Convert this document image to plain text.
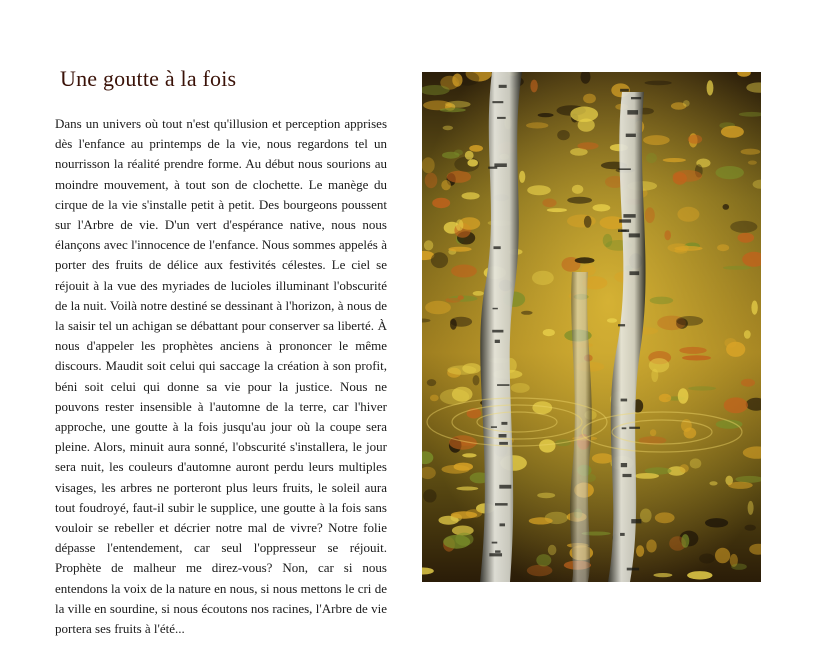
Une goutte à la fois
Dans un univers où tout n'est qu'illusion et perception apprises dès l'enfance au printemps de la vie, nous regardons tel un nourrisson la réalité prendre forme. Au début nous sourions au moindre mouvement, à tout son de clochette. Le manège du cirque de la vie s'installe petit à petit. Des bourgeons poussent sur l'Arbre de vie. D'un vert d'espérance native, nous nous élançons avec l'innocence de l'enfance. Nous sommes appelés à porter des fruits de délice aux festivités célestes. Le ciel se réjouit à la vue des myriades de lucioles illuminant l'obscurité de la nuit. Voilà notre destiné se dessinant à l'horizon, à nous de la saisir tel un achigan se débattant pour conserver sa liberté. À nous d'appeler les prophètes anciens à prononcer le même discours. Maudit soit celui qui saccage la création à son profit, béni soit celui qui donne sa vie pour la justice. Nous ne pouvons rester insensible à l'automne de la terre, car l'hiver approche, une goutte à la fois jusqu'au jour où la coupe sera pleine. Alors, minuit aura sonné, l'obscurité s'installera, le jour sera nuit, les couleurs d'automne auront perdu leurs multiples visages, les arbres ne porteront plus leurs fruits, le soleil aura tout foudroyé, faut-il subir le supplice, une goutte à la fois sans vouloir se rebeller et décrier notre mal de vivre? Notre folie dépasse l'entendement, car seul l'oppresseur se réjouit. Prophète de malheur me direz-vous? Non, car si nous entendons la voix de la nature en nous, si nous mettons le cri de la ville en sourdine, si nous écoutons nos racines, l'Arbre de vie portera ses fruits à l'été...
